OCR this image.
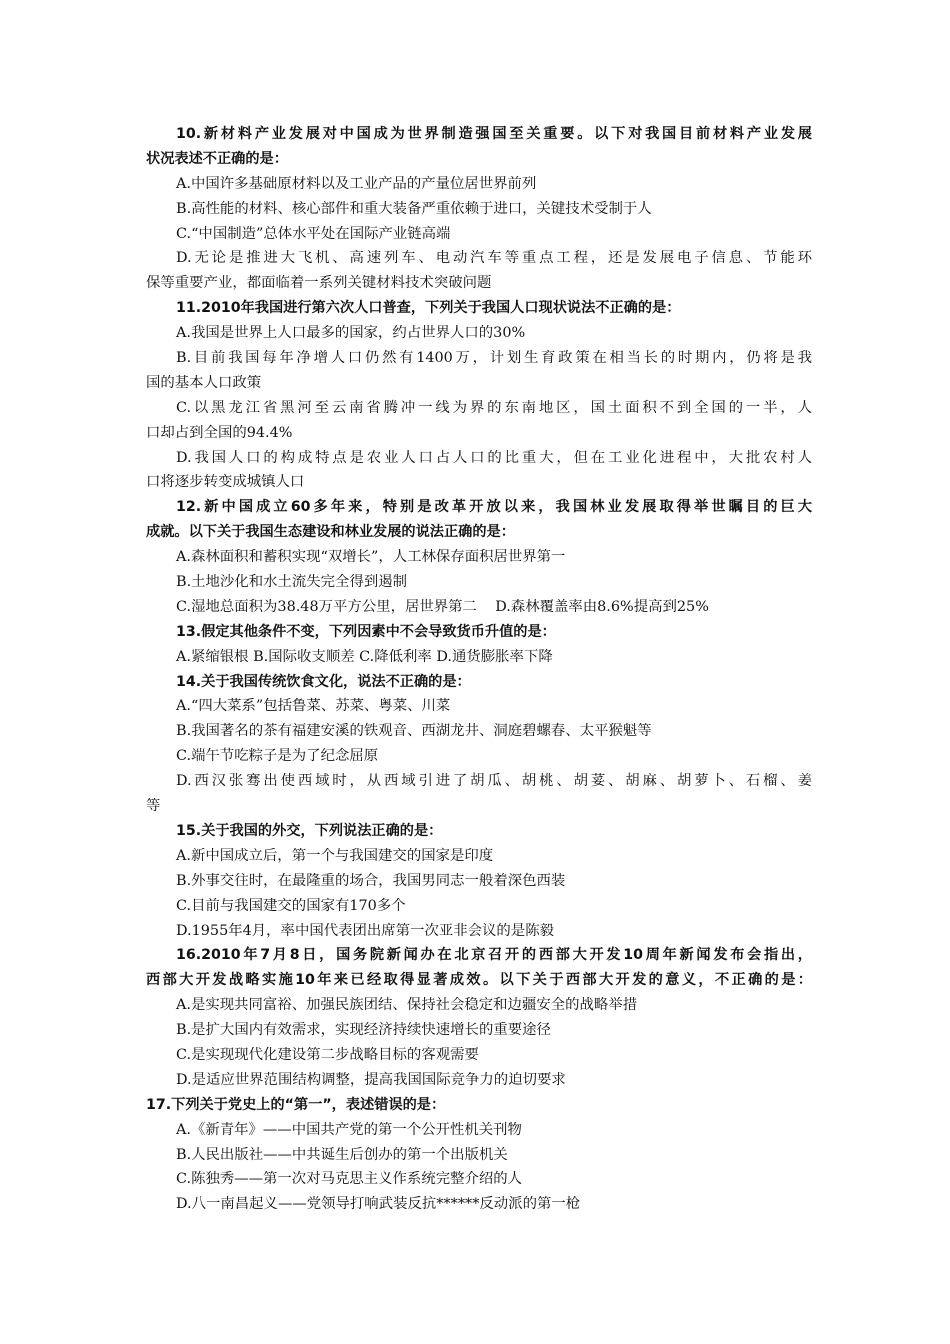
10.新材料产业发展对中国成为世界制造强国至关重要。以下对我国目前材料产业发展
状况表述不正确的是：
A.中国许多基础原材料以及工业产品的产量位居世界前列
B.高性能的材料、核心部件和重大装备严重依赖于进口，关键技术受制于人
C.“中国制造”总体水平处在国际产业链高端
D.无论是推进大飞机、高速列车、电动汽车等重点工程，还是发展电子信息、节能环
保等重要产业，都面临着一系列关键材料技术突破问题
11.2010年我国进行第六次人口普查，下列关于我国人口现状说法不正确的是：
A.我国是世界上人口最多的国家，约占世界人口的30%
B.目前我国每年净增人口仍然有1400万，计划生育政策在相当长的时期内，仍将是我
国的基本人口政策
C.以黑龙江省黑河至云南省腾冲一线为界的东南地区，国土面积不到全国的一半，人
口却占到全国的94.4%
D.我国人口的构成特点是农业人口占人口的比重大，但在工业化进程中，大批农村人
口将逐步转变成城镇人口
12.新中国成立60多年来，特别是改革开放以来，我国林业发展取得举世瞩目的巨大
成就。以下关于我国生态建设和林业发展的说法正确的是：
A.森林面积和蓄积实现“双增长”，人工林保存面积居世界第一
B.土地沙化和水土流失完全得到遏制
C.湿地总面积为38.48万平方公里，居世界第二    D.森林覆盖率由8.6%提高到25%
13.假定其他条件不变，下列因素中不会导致货币升值的是：
A.紧缩银根 B.国际收支顺差 C.降低利率 D.通货膨胀率下降
14.关于我国传统饮食文化，说法不正确的是：
A.“四大菜系”包括鲁菜、苏菜、粤菜、川菜
B.我国著名的茶有福建安溪的铁观音、西湖龙井、洞庭碧螺春、太平猴魁等
C.端午节吃粽子是为了纪念屈原
D.西汉张骞出使西域时，从西域引进了胡瓜、胡桃、胡荽、胡麻、胡萝卜、石榴、姜
等
15.关于我国的外交，下列说法正确的是：
A.新中国成立后，第一个与我国建交的国家是印度
B.外事交往时，在最隆重的场合，我国男同志一般着深色西装
C.目前与我国建交的国家有170多个
D.1955年4月，率中国代表团出席第一次亚非会议的是陈毅
16.2010年7月8日，国务院新闻办在北京召开的西部大开发10周年新闻发布会指出，
西部大开发战略实施10年来已经取得显著成效。以下关于西部大开发的意义，不正确的是：
A.是实现共同富裕、加强民族团结、保持社会稳定和边疆安全的战略举措
B.是扩大国内有效需求，实现经济持续快速增长的重要途径
C.是实现现代化建设第二步战略目标的客观需要
D.是适应世界范围结构调整，提高我国国际竞争力的迫切要求
17.下列关于党史上的“第一”，表述错误的是：
A.《新青年》——中国共产党的第一个公开性机关刊物
B.人民出版社——中共诞生后创办的第一个出版机关
C.陈独秀——第一次对马克思主义作系统完整介绍的人
D.八一南昌起义——党领导打响武装反抗******反动派的第一枪
